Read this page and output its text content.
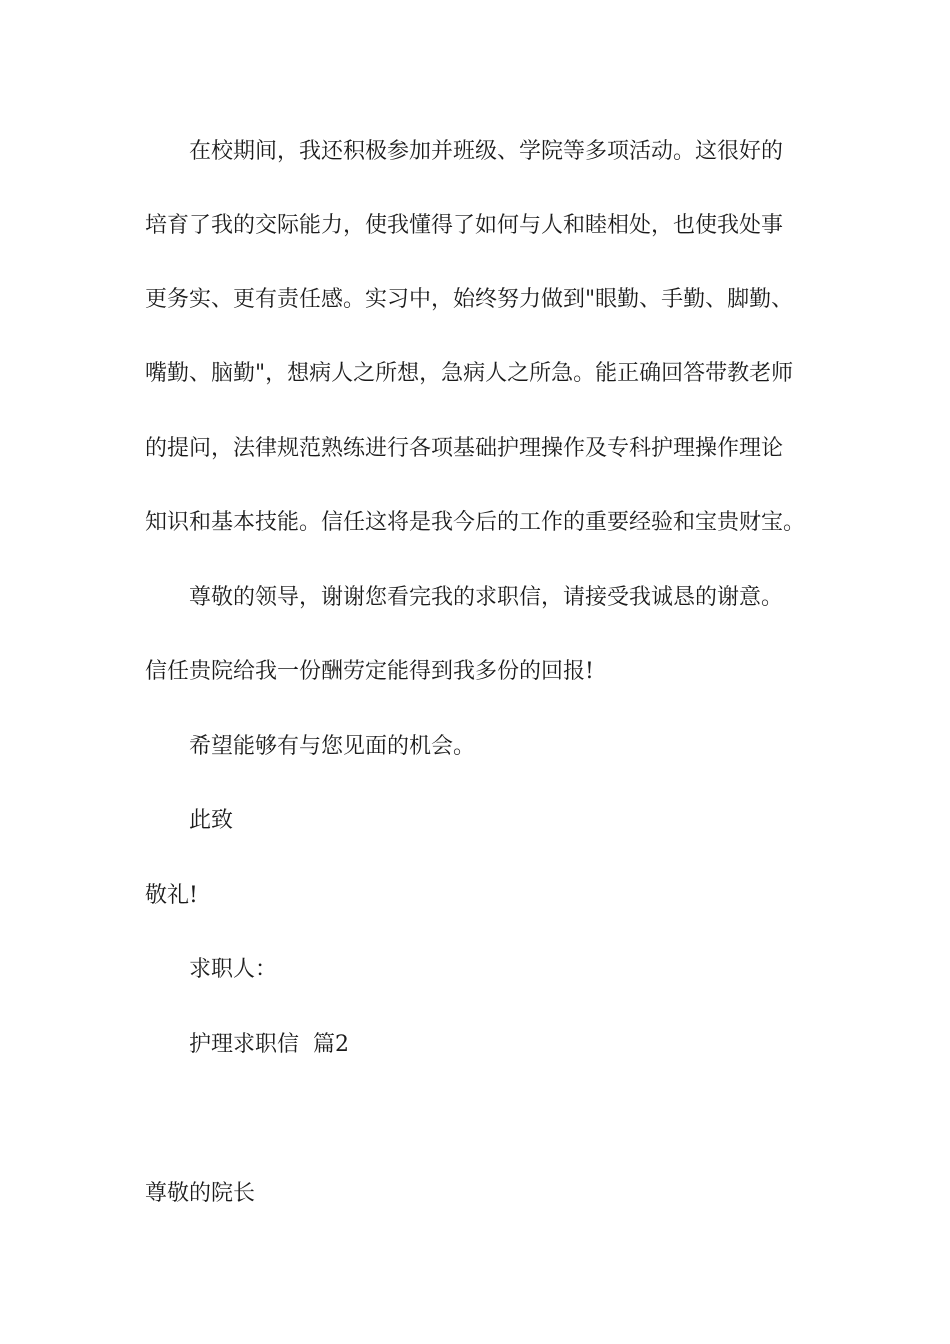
在校期间，我还积极参加并班级、学院等多项活动。这很好的
培育了我的交际能力，使我懂得了如何与人和睦相处，也使我处事
更务实、更有责任感。实习中，始终努力做到"眼勤、手勤、脚勤、
嘴勤、脑勤"，想病人之所想，急病人之所急。能正确回答带教老师
的提问，法律规范熟练进行各项基础护理操作及专科护理操作理论
知识和基本技能。信任这将是我今后的工作的重要经验和宝贵财宝。
尊敬的领导，谢谢您看完我的求职信，请接受我诚恳的谢意。
信任贵院给我一份酬劳定能得到我多份的回报!
希望能够有与您见面的机会。
此致
敬礼!
求职人：
护理求职信  篇2
尊敬的院长
